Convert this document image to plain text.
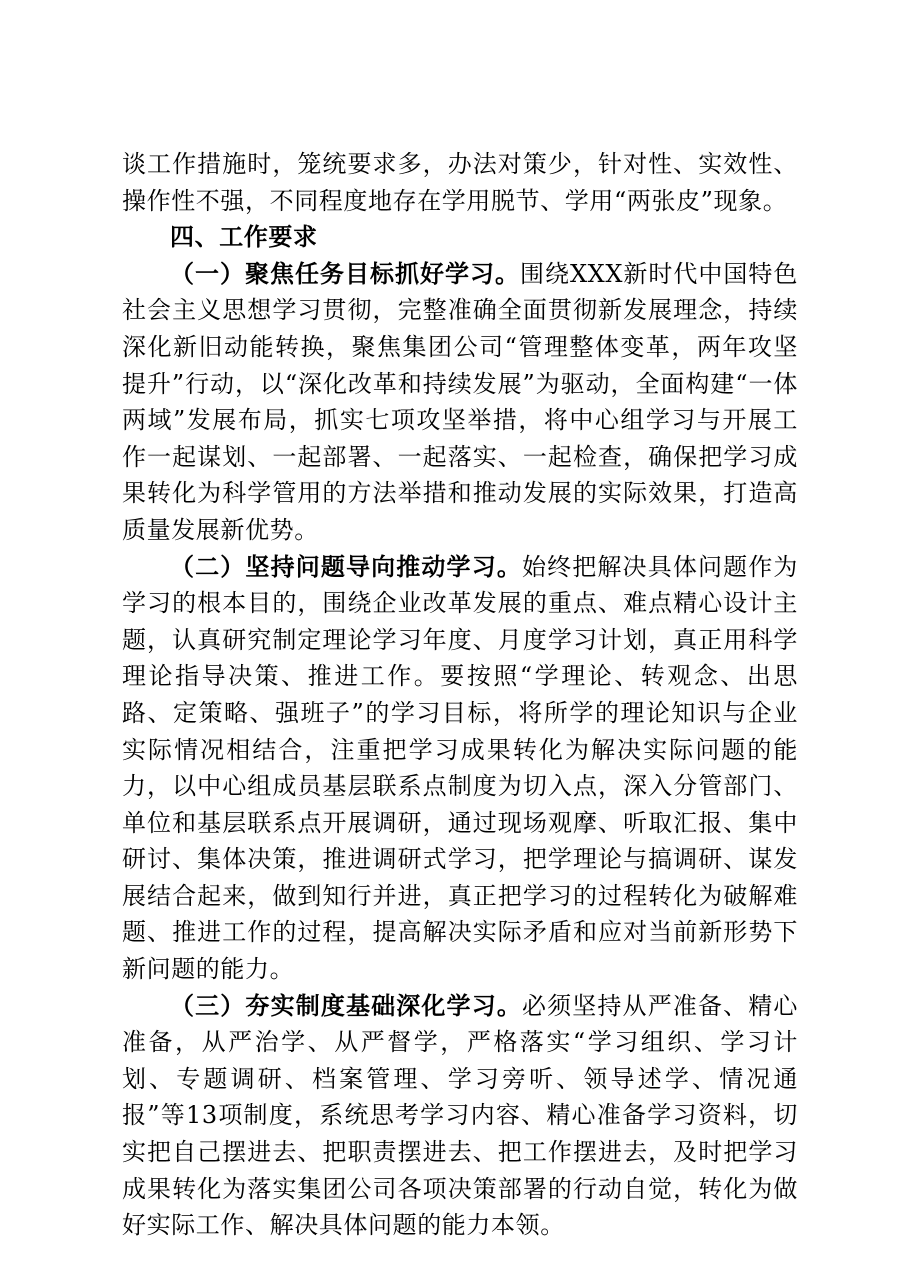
谈工作措施时，笼统要求多，办法对策少，针对性、实效性、操作性不强，不同程度地存在学用脱节、学用“两张皮”现象。

四、工作要求

（一）聚焦任务目标抓好学习。围绕XXX新时代中国特色社会主义思想学习贯彻，完整准确全面贯彻新发展理念，持续深化新旧动能转换，聚焦集团公司“管理整体变革，两年攻坚提升”行动，以“深化改革和持续发展”为驱动，全面构建“一体两域”发展布局，抓实七项攻坚举措，将中心组学习与开展工作一起谋划、一起部署、一起落实、一起检查，确保把学习成果转化为科学管用的方法举措和推动发展的实际效果，打造高质量发展新优势。

（二）坚持问题导向推动学习。始终把解决具体问题作为学习的根本目的，围绕企业改革发展的重点、难点精心设计主题，认真研究制定理论学习年度、月度学习计划，真正用科学理论指导决策、推进工作。要按照“学理论、转观念、出思路、定策略、强班子”的学习目标，将所学的理论知识与企业实际情况相结合，注重把学习成果转化为解决实际问题的能力，以中心组成员基层联系点制度为切入点，深入分管部门、单位和基层联系点开展调研，通过现场观摩、听取汇报、集中研讨、集体决策，推进调研式学习，把学理论与搞调研、谋发展结合起来，做到知行并进，真正把学习的过程转化为破解难题、推进工作的过程，提高解决实际矛盾和应对当前新形势下新问题的能力。

（三）夯实制度基础深化学习。必须坚持从严准备、精心准备，从严治学、从严督学，严格落实“学习组织、学习计划、专题调研、档案管理、学习旁听、领导述学、情况通报”等13项制度，系统思考学习内容、精心准备学习资料，切实把自己摆进去、把职责摆进去、把工作摆进去，及时把学习成果转化为落实集团公司各项决策部署的行动自觉，转化为做好实际工作、解决具体问题的能力本领。
